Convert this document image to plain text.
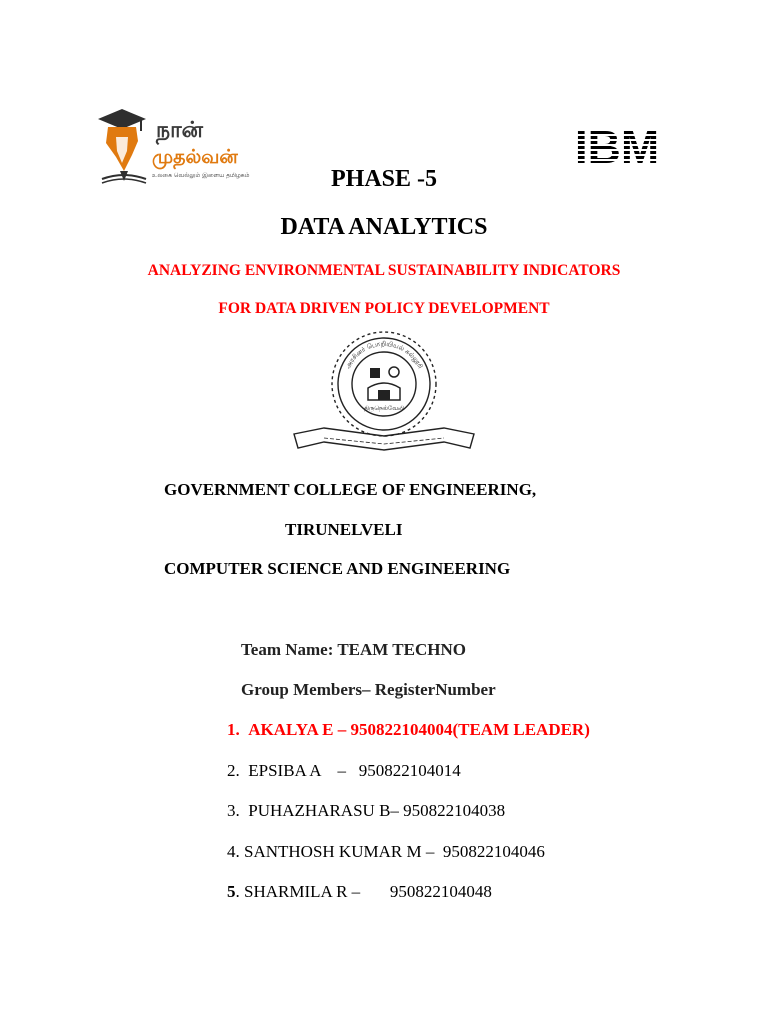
நான்
முதல்வன்
உலகை வெல்லும் இளைய தமிழகம்
IBM
PHASE -5
DATA ANALYTICS
ANALYZING ENVIRONMENTAL SUSTAINABILITY INDICATORS
FOR DATA DRIVEN POLICY DEVELOPMENT
அரசினர் பொறியியல் கல்லூரி
திருநெல்வேலி
GOVERNMENT COLLEGE OF ENGINEERING,
TIRUNELVELI
COMPUTER SCIENCE AND ENGINEERING
Team Name: TEAM TECHNO
Group Members– RegisterNumber
1. AKALYA E – 950822104004(TEAM LEADER)
2. EPSIBA A    –   950822104014
3. PUHAZHARASU B– 950822104038
4. SANTHOSH KUMAR M –  950822104046
5. SHARMILA R –       950822104048
